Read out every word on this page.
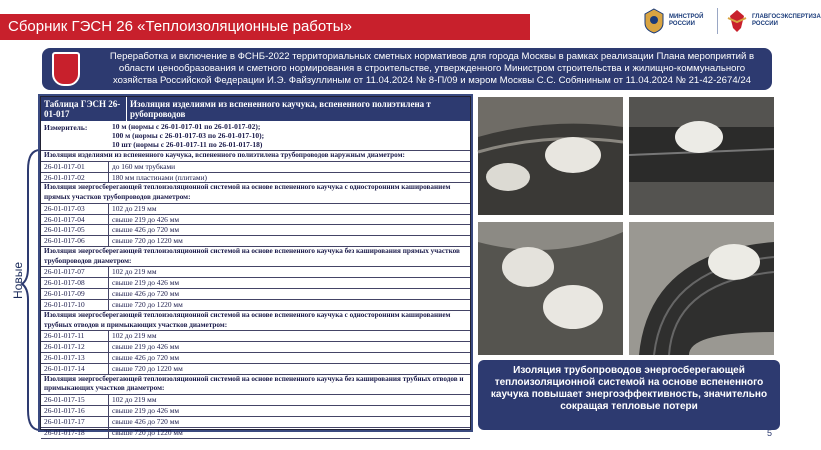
Сборник ГЭСН 26 «Теплоизоляционные работы»
МИНСТРОЙ РОССИИ
ГЛАВГОСЭКСПЕРТИЗА РОССИИ
Переработка и включение в ФСНБ-2022 территориальных сметных нормативов для города Москвы в рамках реализации Плана мероприятий в области ценообразования и сметного нормирования в строительстве, утвержденного Министром строительства и жилищно-коммунального хозяйства Российской Федерации И.Э. Файзуллиным от 11.04.2024 № 8-П/09 и мэром Москвы С.С. Собяниным от 11.04.2024 № 21-42-2674/24
Новые
Таблица ГЭСН 26-01-017
Изоляция изделиями из вспененного каучука, вспененного полиэтилена т рубопроводов
Измеритель:	10 м (нормы с 26-01-017-01 по 26-01-017-02);
100 м (нормы с 26-01-017-03 по 26-01-017-10);
10 шт (нормы с 26-01-017-11 по 26-01-017-18)
Изоляция изделиями из вспененного каучука, вспененного полиэтилена трубопроводов наружным диаметром:
26-01-017-01	до 160 мм трубками
26-01-017-02	180 мм пластинами (плитами)
Изоляция энергосберегающей теплоизоляционной системой на основе вспененного каучука с односторонним кашированием прямых участков трубопроводов диаметром:
26-01-017-03	102 до 219 мм
26-01-017-04	свыше 219 до 426 мм
26-01-017-05	свыше 426 до 720 мм
26-01-017-06	свыше 720 до 1220 мм
Изоляция энергосберегающей теплоизоляционной системой на основе вспененного каучука без каширования прямых участков трубопроводов диаметром:
26-01-017-07	102 до 219 мм
26-01-017-08	свыше 219 до 426 мм
26-01-017-09	свыше 426 до 720 мм
26-01-017-10	свыше 720 до 1220 мм
Изоляция энергосберегающей теплоизоляционной системой на основе вспененного каучука с односторонним кашированием трубных отводов и примыкающих участков диаметром:
26-01-017-11	102 до 219 мм
26-01-017-12	свыше 219 до 426 мм
26-01-017-13	свыше 426 до 720 мм
26-01-017-14	свыше 720 до 1220 мм
Изоляция энергосберегающей теплоизоляционной системой на основе вспененного каучука без каширования трубных отводов и примыкающих участков диаметром:
26-01-017-15	102 до 219 мм
26-01-017-16	свыше 219 до 426 мм
26-01-017-17	свыше 426 до 720 мм
26-01-017-18	свыше 720 до 1220 мм
Изоляция трубопроводов энергосберегающей теплоизоляционной системой на основе вспененного каучука повышает энергоэффективность, значительно сокращая тепловые потери
5
